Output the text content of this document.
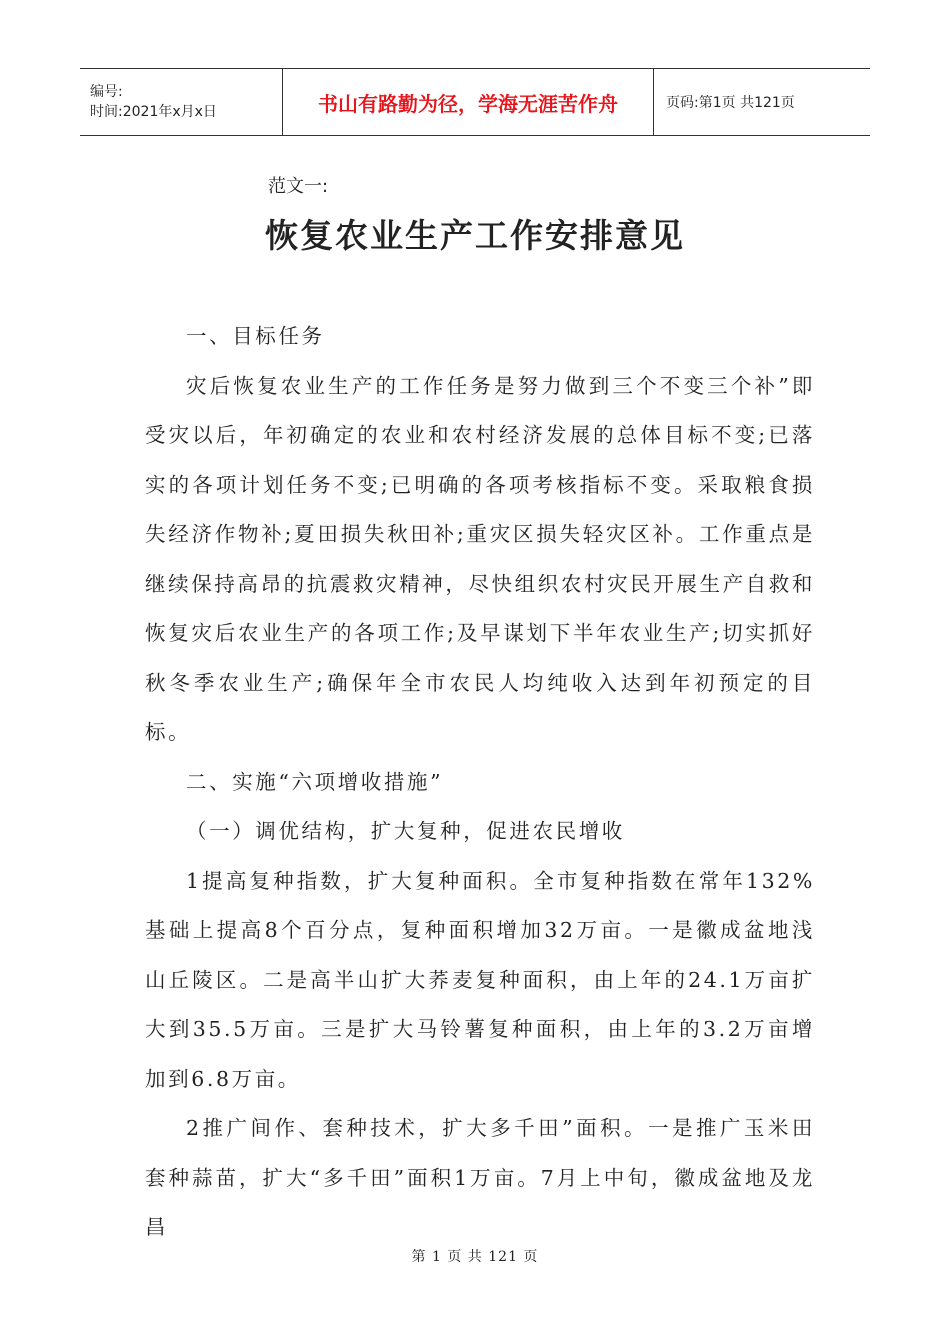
编号:
时间:2021年x月x日	书山有路勤为径，学海无涯苦作舟	页码:第1页 共121页
范文一:
恢复农业生产工作安排意见

一、目标任务

灾后恢复农业生产的工作任务是努力做到三个不变三个补”即受灾以后，年初确定的农业和农村经济发展的总体目标不变;已落实的各项计划任务不变;已明确的各项考核指标不变。采取粮食损失经济作物补;夏田损失秋田补;重灾区损失轻灾区补。工作重点是继续保持高昂的抗震救灾精神，尽快组织农村灾民开展生产自救和恢复灾后农业生产的各项工作;及早谋划下半年农业生产;切实抓好秋冬季农业生产;确保年全市农民人均纯收入达到年初预定的目标。

二、实施“六项增收措施”

（一）调优结构，扩大复种，促进农民增收

1提高复种指数，扩大复种面积。全市复种指数在常年132%基础上提高8个百分点，复种面积增加32万亩。一是徽成盆地浅山丘陵区。二是高半山扩大荞麦复种面积，由上年的24.1万亩扩大到35.5万亩。三是扩大马铃薯复种面积，由上年的3.2万亩增加到6.8万亩。

2推广间作、套种技术，扩大多千田”面积。一是推广玉米田套种蒜苗，扩大“多千田”面积1万亩。7月上中旬，徽成盆地及龙昌

第 1 页 共 121 页
